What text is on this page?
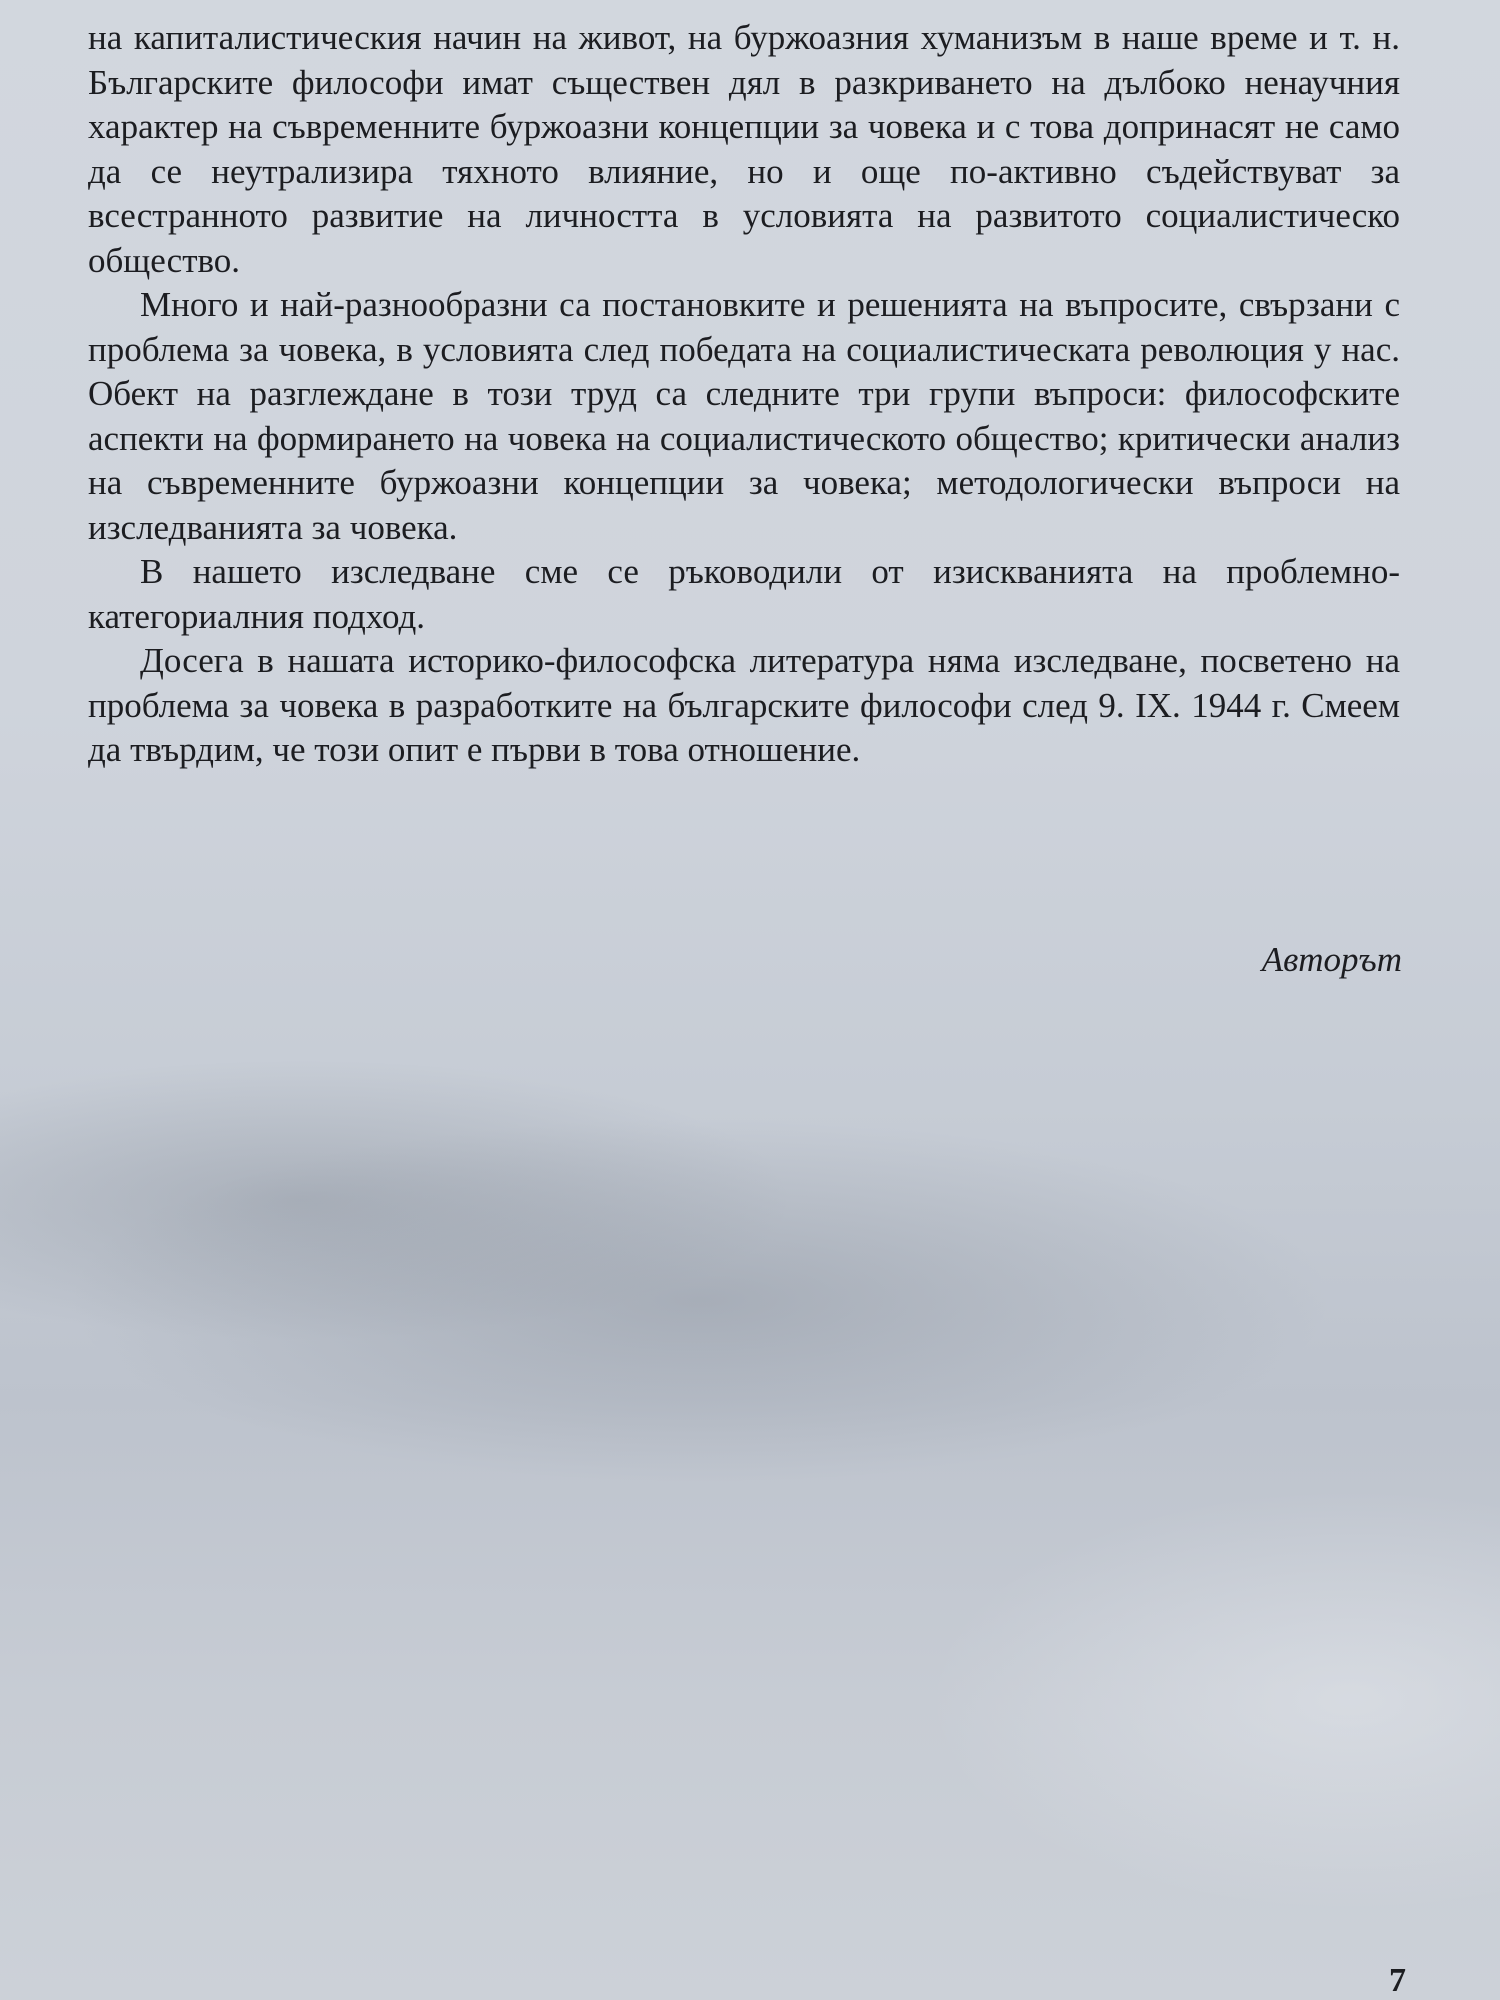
на капиталистическия начин на живот, на буржоазния хуманизъм в наше време и т. н. Българските философи имат съществен дял в разкриването на дълбоко ненаучния характер на съвременните буржоазни концепции за човека и с това допринасят не само да се неутрализира тяхното влияние, но и още по-активно съдействуват за всестранното развитие на личността в условията на развитото социалистическо общество.

Много и най-разнообразни са постановките и решенията на въпросите, свързани с проблема за човека, в условията след победата на социалистическата революция у нас. Обект на разглеждане в този труд са следните три групи въпроси: философските аспекти на формирането на човека на социалистическото общество; критически анализ на съвременните буржоазни концепции за човека; методологически въпроси на изследванията за човека.

В нашето изследване сме се ръководили от изискванията на проблемно-категориалния подход.

Досега в нашата историко-философска литература няма изследване, посветено на проблема за човека в разработките на българските философи след 9. IX. 1944 г. Смеем да твърдим, че този опит е първи в това отношение.

Авторът
7
